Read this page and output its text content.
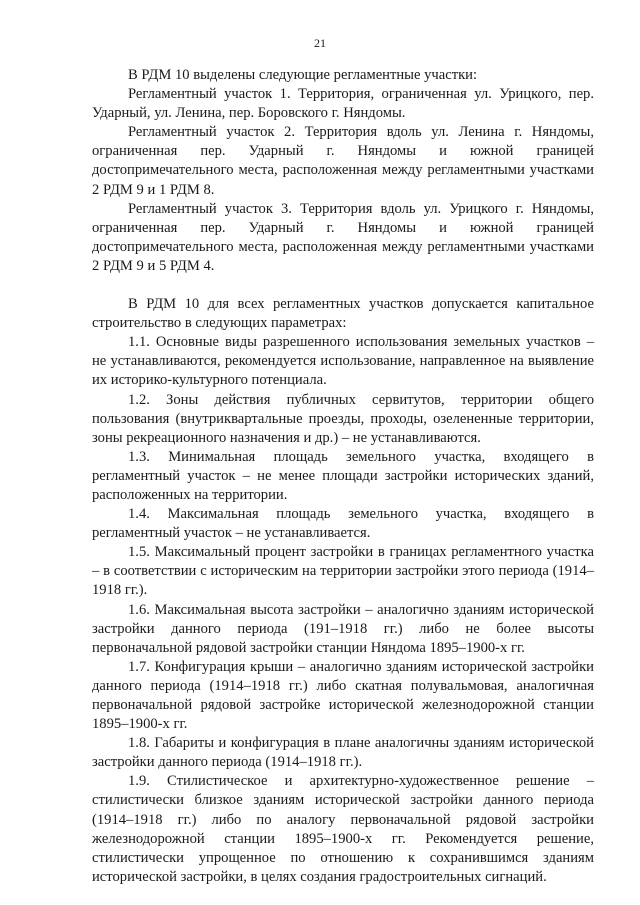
21

В РДМ 10 выделены следующие регламентные участки:

Регламентный участок 1. Территория, ограниченная ул. Урицкого, пер. Ударный, ул. Ленина, пер. Боровского г. Няндомы.

Регламентный участок 2. Территория вдоль ул. Ленина г. Няндомы, ограниченная пер. Ударный г. Няндомы и южной границей достопримечательного места, расположенная между регламентными участками 2 РДМ 9 и 1 РДМ 8.

Регламентный участок 3. Территория вдоль ул. Урицкого г. Няндомы, ограниченная пер. Ударный г. Няндомы и южной границей достопримечательного места, расположенная между регламентными участками 2 РДМ 9 и 5 РДМ 4.

В РДМ 10 для всех регламентных участков допускается капитальное строительство в следующих параметрах:

1.1. Основные виды разрешенного использования земельных участков – не устанавливаются, рекомендуется использование, направленное на выявление их историко-культурного потенциала.

1.2. Зоны действия публичных сервитутов, территории общего пользования (внутриквартальные проезды, проходы, озелененные территории, зоны рекреационного назначения и др.) – не устанавливаются.

1.3. Минимальная площадь земельного участка, входящего в регламентный участок – не менее площади застройки исторических зданий, расположенных на территории.

1.4. Максимальная площадь земельного участка, входящего в регламентный участок – не устанавливается.

1.5. Максимальный процент застройки в границах регламентного участка – в соответствии с историческим на территории застройки этого периода (1914–1918 гг.).

1.6. Максимальная высота застройки – аналогично зданиям исторической застройки данного периода (191–1918 гг.) либо не более высоты первоначальной рядовой застройки станции Няндома 1895–1900-х гг.

1.7. Конфигурация крыши – аналогично зданиям исторической застройки данного периода (1914–1918 гг.) либо скатная полувальмовая, аналогичная первоначальной рядовой застройке исторической железнодорожной станции 1895–1900-х гг.

1.8. Габариты и конфигурация в плане аналогичны зданиям исторической застройки данного периода (1914–1918 гг.).

1.9. Стилистическое и архитектурно-художественное решение – стилистически близкое зданиям исторической застройки данного периода (1914–1918 гг.) либо по аналогу первоначальной рядовой застройки железнодорожной станции 1895–1900-х гг. Рекомендуется решение, стилистически упрощенное по отношению к сохранившимся зданиям исторической застройки, в целях создания градостроительных сигнаций.
